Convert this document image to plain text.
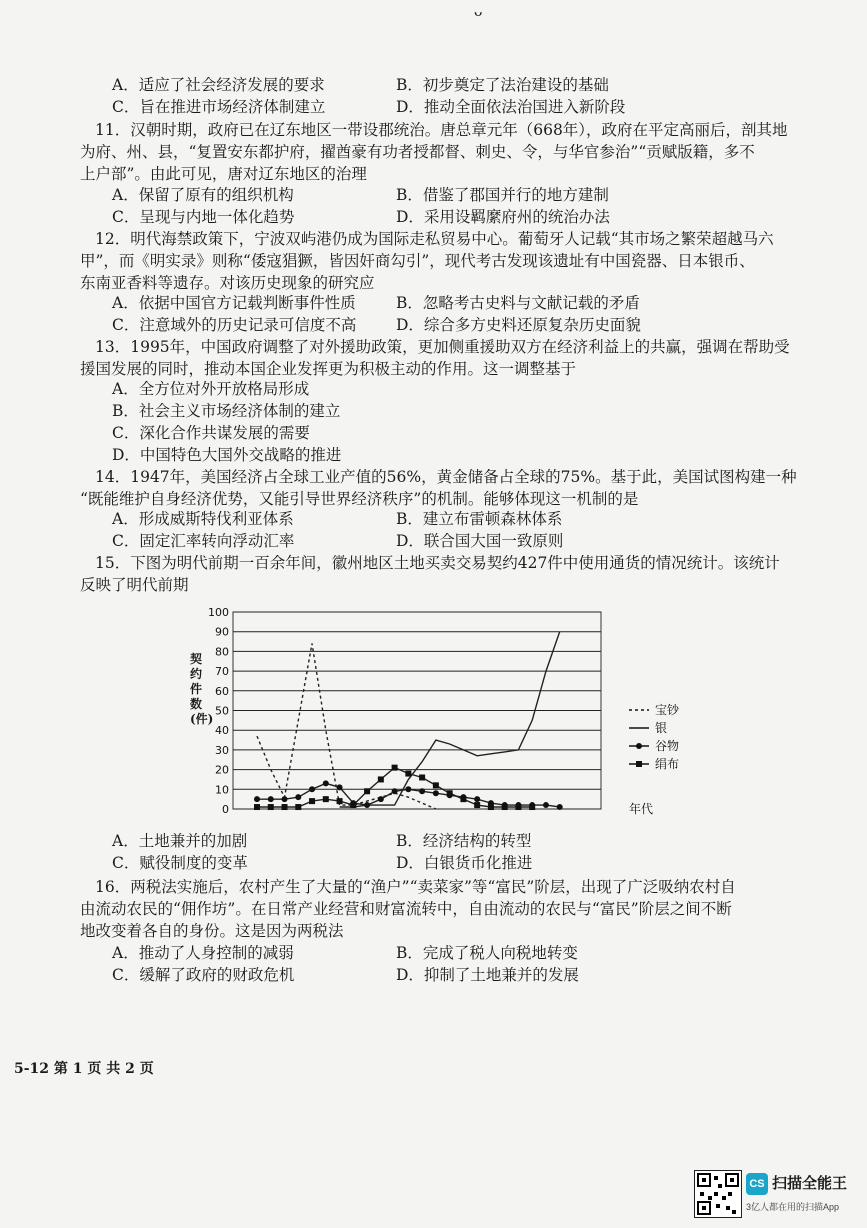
ᴗ
A．适应了社会经济发展的要求	B．初步奠定了法治建设的基础
C．旨在推进市场经济体制建立	D．推动全面依法治国进入新阶段
11．汉朝时期，政府已在辽东地区一带设郡统治。唐总章元年（668年），政府在平定高丽后，剖其地
为府、州、县，“复置安东都护府，擢酋豪有功者授都督、刺史、令，与华官参治”“贡赋版籍，多不
上户部”。由此可见，唐对辽东地区的治理
A．保留了原有的组织机构	B．借鉴了郡国并行的地方建制
C．呈现与内地一体化趋势	D．采用设羁縻府州的统治办法
12．明代海禁政策下，宁波双屿港仍成为国际走私贸易中心。葡萄牙人记载“其市场之繁荣超越马六
甲”，而《明实录》则称“倭寇猖獗，皆因奸商勾引”，现代考古发现该遗址有中国瓷器、日本银币、
东南亚香料等遗存。对该历史现象的研究应
A．依据中国官方记载判断事件性质	B．忽略考古史料与文献记载的矛盾
C．注意域外的历史记录可信度不高	D．综合多方史料还原复杂历史面貌
13．1995年，中国政府调整了对外援助政策，更加侧重援助双方在经济利益上的共赢，强调在帮助受
援国发展的同时，推动本国企业发挥更为积极主动的作用。这一调整基于
A．全方位对外开放格局形成
B．社会主义市场经济体制的建立
C．深化合作共谋发展的需要
D．中国特色大国外交战略的推进
14．1947年，美国经济占全球工业产值的56%，黄金储备占全球的75%。基于此，美国试图构建一种
“既能维护自身经济优势，又能引导世界经济秩序”的机制。能够体现这一机制的是
A．形成威斯特伐利亚体系	B．建立布雷顿森林体系
C．固定汇率转向浮动汇率	D．联合国大国一致原则
15．下图为明代前期一百余年间，徽州地区土地买卖交易契约427件中使用通货的情况统计。该统计
反映了明代前期
0
10
20
30
40
50
60
70
80
90
100
宝钞
银
谷物
绢布
年代
契约件数(件)
A．土地兼并的加剧	B．经济结构的转型
C．赋役制度的变革	D．白银货币化推进
16．两税法实施后，农村产生了大量的“渔户”“卖菜家”等“富民”阶层，出现了广泛吸纳农村自
由流动农民的“佣作坊”。在日常产业经营和财富流转中，自由流动的农民与“富民”阶层之间不断
地改变着各自的身份。这是因为两税法
A．推动了人身控制的减弱	B．完成了税人向税地转变
C．缓解了政府的财政危机	D．抑制了土地兼并的发展
5-12 第 1 页 共 2 页
CS 扫描全能王
3亿人都在用的扫描App
